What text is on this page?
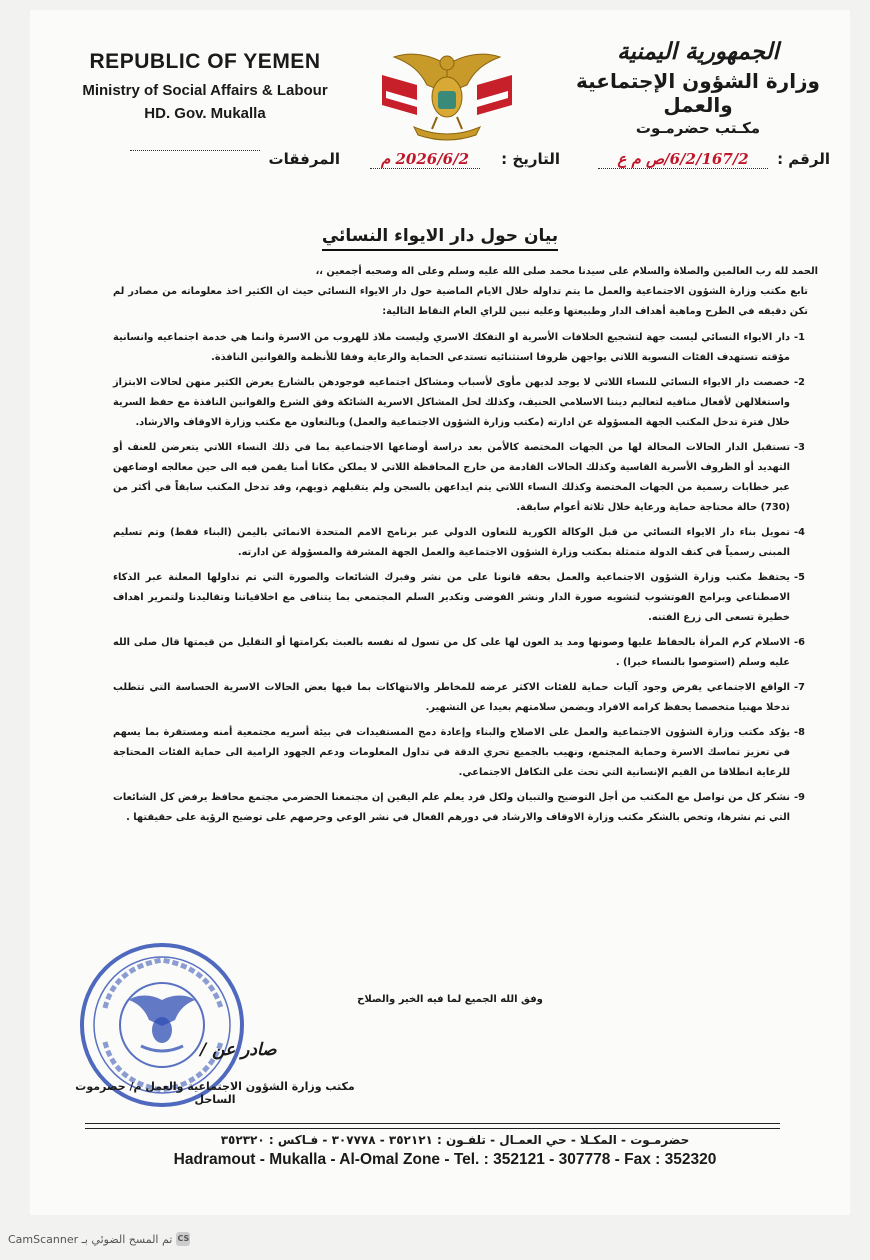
REPUBLIC OF YEMEN
Ministry of Social Affairs & Labour
HD. Gov. Mukalla
الجمهورية اليمنية
وزارة الشؤون الإجتماعية والعمل
مكـتب حضرمـوت
الرقم :
6/2/167/2/ص م ع
التاريخ :
2026/6/2 م
المرفقات
بيان حول دار الايواء النسائي

الحمد لله رب العالمين والصلاة والسلام على سيدنا محمد صلى الله عليه وسلم وعلى اله وصحبه أجمعين ،،

تابع مكتب وزارة الشؤون الاجتماعية والعمل ما يتم تداوله خلال الايام الماضية حول دار الايواء النسائي حيث ان الكثير اخذ معلوماته من مصادر لم تكن دقيقه في الطرح وماهية أهداف الدار وطبيعتها وعليه نبين للراي العام النقاط التالية:

-1
دار الايواء النسائي ليست جهة لتشجيع الخلافات الأسرية او التفكك الاسري وليست ملاذ للهروب من الاسرة وانما هي خدمة اجتماعيه وانسانية مؤقته تستهدف الفئات النسوية اللاتي يواجهن ظروفا استثنائيه تستدعي الحماية والرعاية وفقا للأنظمة والقوانين النافذة.
-2
خصصت دار الايواء النسائي للنساء اللاتي لا يوجد لديهن مأوى لأسباب ومشاكل اجتماعيه فوجودهن بالشارع يعرض الكثير منهن لحالات الابتزاز واستغلالهن لأفعال منافيه لتعاليم ديننا الاسلامي الحنيف، وكذلك لحل المشاكل الاسرية الشائكة وفق الشرع والقوانين النافذة مع حفظ السرية خلال فترة تدخل المكتب الجهة المسؤولة عن ادارته (مكتب وزارة الشؤون الاجتماعية والعمل) وبالتعاون مع مكتب وزارة الاوقاف والارشاد.
-3
تستقبل الدار الحالات المحالة لها من الجهات المختصة كالأمن بعد دراسة أوضاعها الاجتماعية بما في ذلك النساء اللاتي يتعرضن للعنف أو التهديد أو الظروف الأسرية القاسية وكذلك الحالات القادمة من خارج المحافظة اللاتي لا يملكن مكانا أمنا يقمن فيه الى حين معالجه اوضاعهن عبر خطابات رسمية من الجهات المختصة وكذلك النساء اللاتي يتم ايداعهن بالسجن ولم يتقبلهم ذويهم، وقد تدخل المكتب سابقاً في أكثر من (730) حالة محتاجة حماية ورعاية خلال ثلاثة أعوام سابقة.
-4
تمويل بناء دار الايواء النسائي من قبل الوكالة الكورية للتعاون الدولي عبر برنامج الامم المتحدة الانمائي باليمن (البناء فقط) وتم تسليم المبنى رسمياً في كنف الدولة متمثلة بمكتب وزارة الشؤون الاجتماعية والعمل الجهة المشرفة والمسؤولة عن ادارته.
-5
يحتفظ مكتب وزارة الشؤون الاجتماعية والعمل بحقه قانونا على من نشر وفبرك الشائعات والصورة التي تم تداولها المعلنة عبر الذكاء الاصطناعي وبرامج الفوتشوب لتشويه صورة الدار ونشر الفوضى وتكدير السلم المجتمعي بما يتنافى مع اخلاقياتنا وتقاليدنا ولتمرير اهداف خطيرة تسعى الى زرع الفتنه.
-6
الاسلام كرم المرأة بالحفاظ عليها وصونها ومد يد العون لها على كل من تسول له نفسه بالعبث بكرامتها أو التقليل من قيمتها قال صلى الله عليه وسلم (استوصوا بالنساء خيرا) .
-7
الواقع الاجتماعي يفرض وجود آليات حماية للفئات الاكثر عرضه للمخاطر والانتهاكات بما فيها بعض الحالات الاسرية الحساسة التي تتطلب تدخلا مهنيا متخصصا يحفظ كرامه الافراد ويضمن سلامتهم بعيدا عن التشهير.
-8
يؤكد مكتب وزارة الشؤون الاجتماعية والعمل على الاصلاح والبناء وإعادة دمج المستفيدات في بيئة أسريه مجتمعية أمنه ومستقرة بما يسهم في تعزيز تماسك الاسرة وحماية المجتمع، ونهيب بالجميع تحري الدقة في تداول المعلومات ودعم الجهود الرامية الى حماية الفئات المحتاجة للرعاية انطلاقا من القيم الإنسانية التي تحث على التكافل الاجتماعي.
-9
نشكر كل من تواصل مع المكتب من أجل التوضيح والتبيان ولكل فرد يعلم علم اليقين إن مجتمعنا الحضرمي مجتمع محافظ يرفض كل الشائعات التي تم نشرها، وتخص بالشكر مكتب وزارة الاوقاف والارشاد في دورهم الفعال في نشر الوعي وحرصهم على توضيح الرؤية على حقيقتها .
وفق الله الجميع لما فيه الخير والصلاح
صادر عن /
مكتب وزارة الشؤون الاجتماعية والعمل م/ حضرموت الساحل
حضرمـوت - المكـلا - حي العمـال - تلفـون : ٣٥٢١٢١ - ٣٠٧٧٧٨ - فـاكس : ٣٥٢٣٢٠
Hadramout - Mukalla - Al-Omal Zone - Tel. : 352121 - 307778 - Fax : 352320
CS
تم المسح الضوئي بـ CamScanner
